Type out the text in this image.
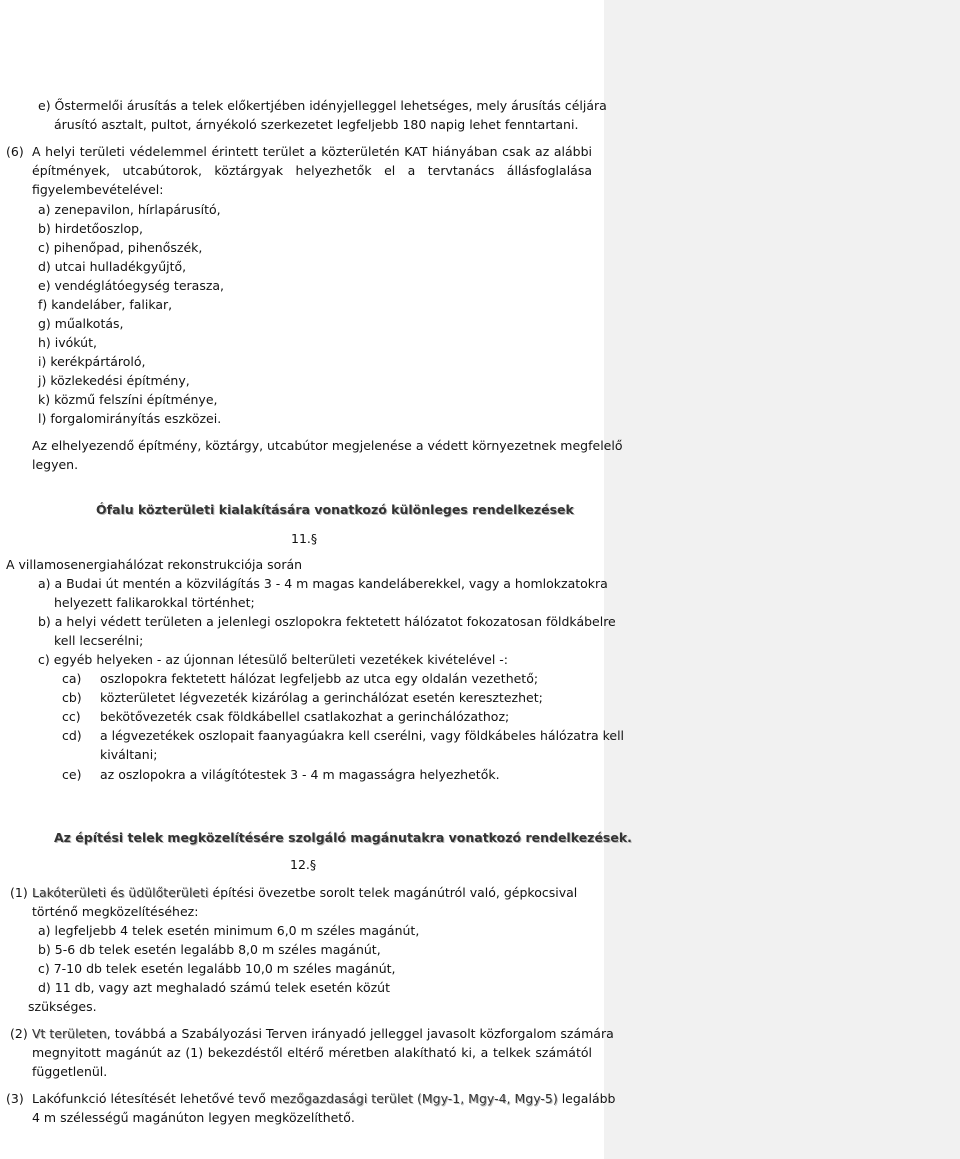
e) Őstermelői árusítás a telek előkertjében idényjelleggel lehetséges, mely árusítás céljára
árusító asztalt, pultot, árnyékoló szerkezetet legfeljebb 180 napig lehet fenntartani.
(6) A helyi területi védelemmel érintett terület a közterületén KAT hiányában csak az alábbi
építmények, utcabútorok, köztárgyak helyezhetők el a tervtanács állásfoglalása
figyelembevételével:
a) zenepavilon, hírlapárusító,
b) hirdetőoszlop,
c) pihenőpad, pihenőszék,
d) utcai hulladékgyűjtő,
e) vendéglátóegység terasza,
f) kandeláber, falikar,
g) műalkotás,
h) ivókút,
i) kerékpártároló,
j) közlekedési építmény,
k) közmű felszíni építménye,
l) forgalomirányítás eszközei.
Az elhelyezendő építmény, köztárgy, utcabútor megjelenése a védett környezetnek megfelelő
legyen.
Ófalu közterületi kialakítására vonatkozó különleges rendelkezések
11.§
A villamosenergiahálózat rekonstrukciója során
a) a Budai út mentén a közvilágítás 3 - 4 m magas kandeláberekkel, vagy a homlokzatokra
helyezett falikarokkal történhet;
b) a helyi védett területen a jelenlegi oszlopokra fektetett hálózatot fokozatosan földkábelre
kell lecserélni;
c) egyéb helyeken - az újonnan létesülő belterületi vezetékek kivételével -:
ca) oszlopokra fektetett hálózat legfeljebb az utca egy oldalán vezethető;
cb) közterületet légvezeték kizárólag a gerinchálózat esetén keresztezhet;
cc) bekötővezeték csak földkábellel csatlakozhat a gerinchálózathoz;
cd) a légvezetékek oszlopait faanyagúakra kell cserélni, vagy földkábeles hálózatra kell
kiváltani;
ce) az oszlopokra a világítótestek 3 - 4 m magasságra helyezhetők.
Az építési telek megközelítésére szolgáló magánutakra vonatkozó rendelkezések.
12.§
(1) Lakóterületi és üdülőterületi építési övezetbe sorolt telek magánútról való, gépkocsival
történő megközelítéséhez:
a) legfeljebb 4 telek esetén minimum 6,0 m széles magánút,
b) 5-6 db telek esetén legalább 8,0 m széles magánút,
c) 7-10 db telek esetén legalább 10,0 m széles magánút,
d) 11 db, vagy azt meghaladó számú telek esetén közút
szükséges.
(2) Vt területen, továbbá a Szabályozási Terven irányadó jelleggel javasolt közforgalom számára
megnyitott magánút az (1) bekezdéstől eltérő méretben alakítható ki, a telkek számától
függetlenül.
(3) Lakófunkció létesítését lehetővé tevő mezőgazdasági terület (Mgy-1, Mgy-4, Mgy-5) legalább
4 m szélességű magánúton legyen megközelíthető.
